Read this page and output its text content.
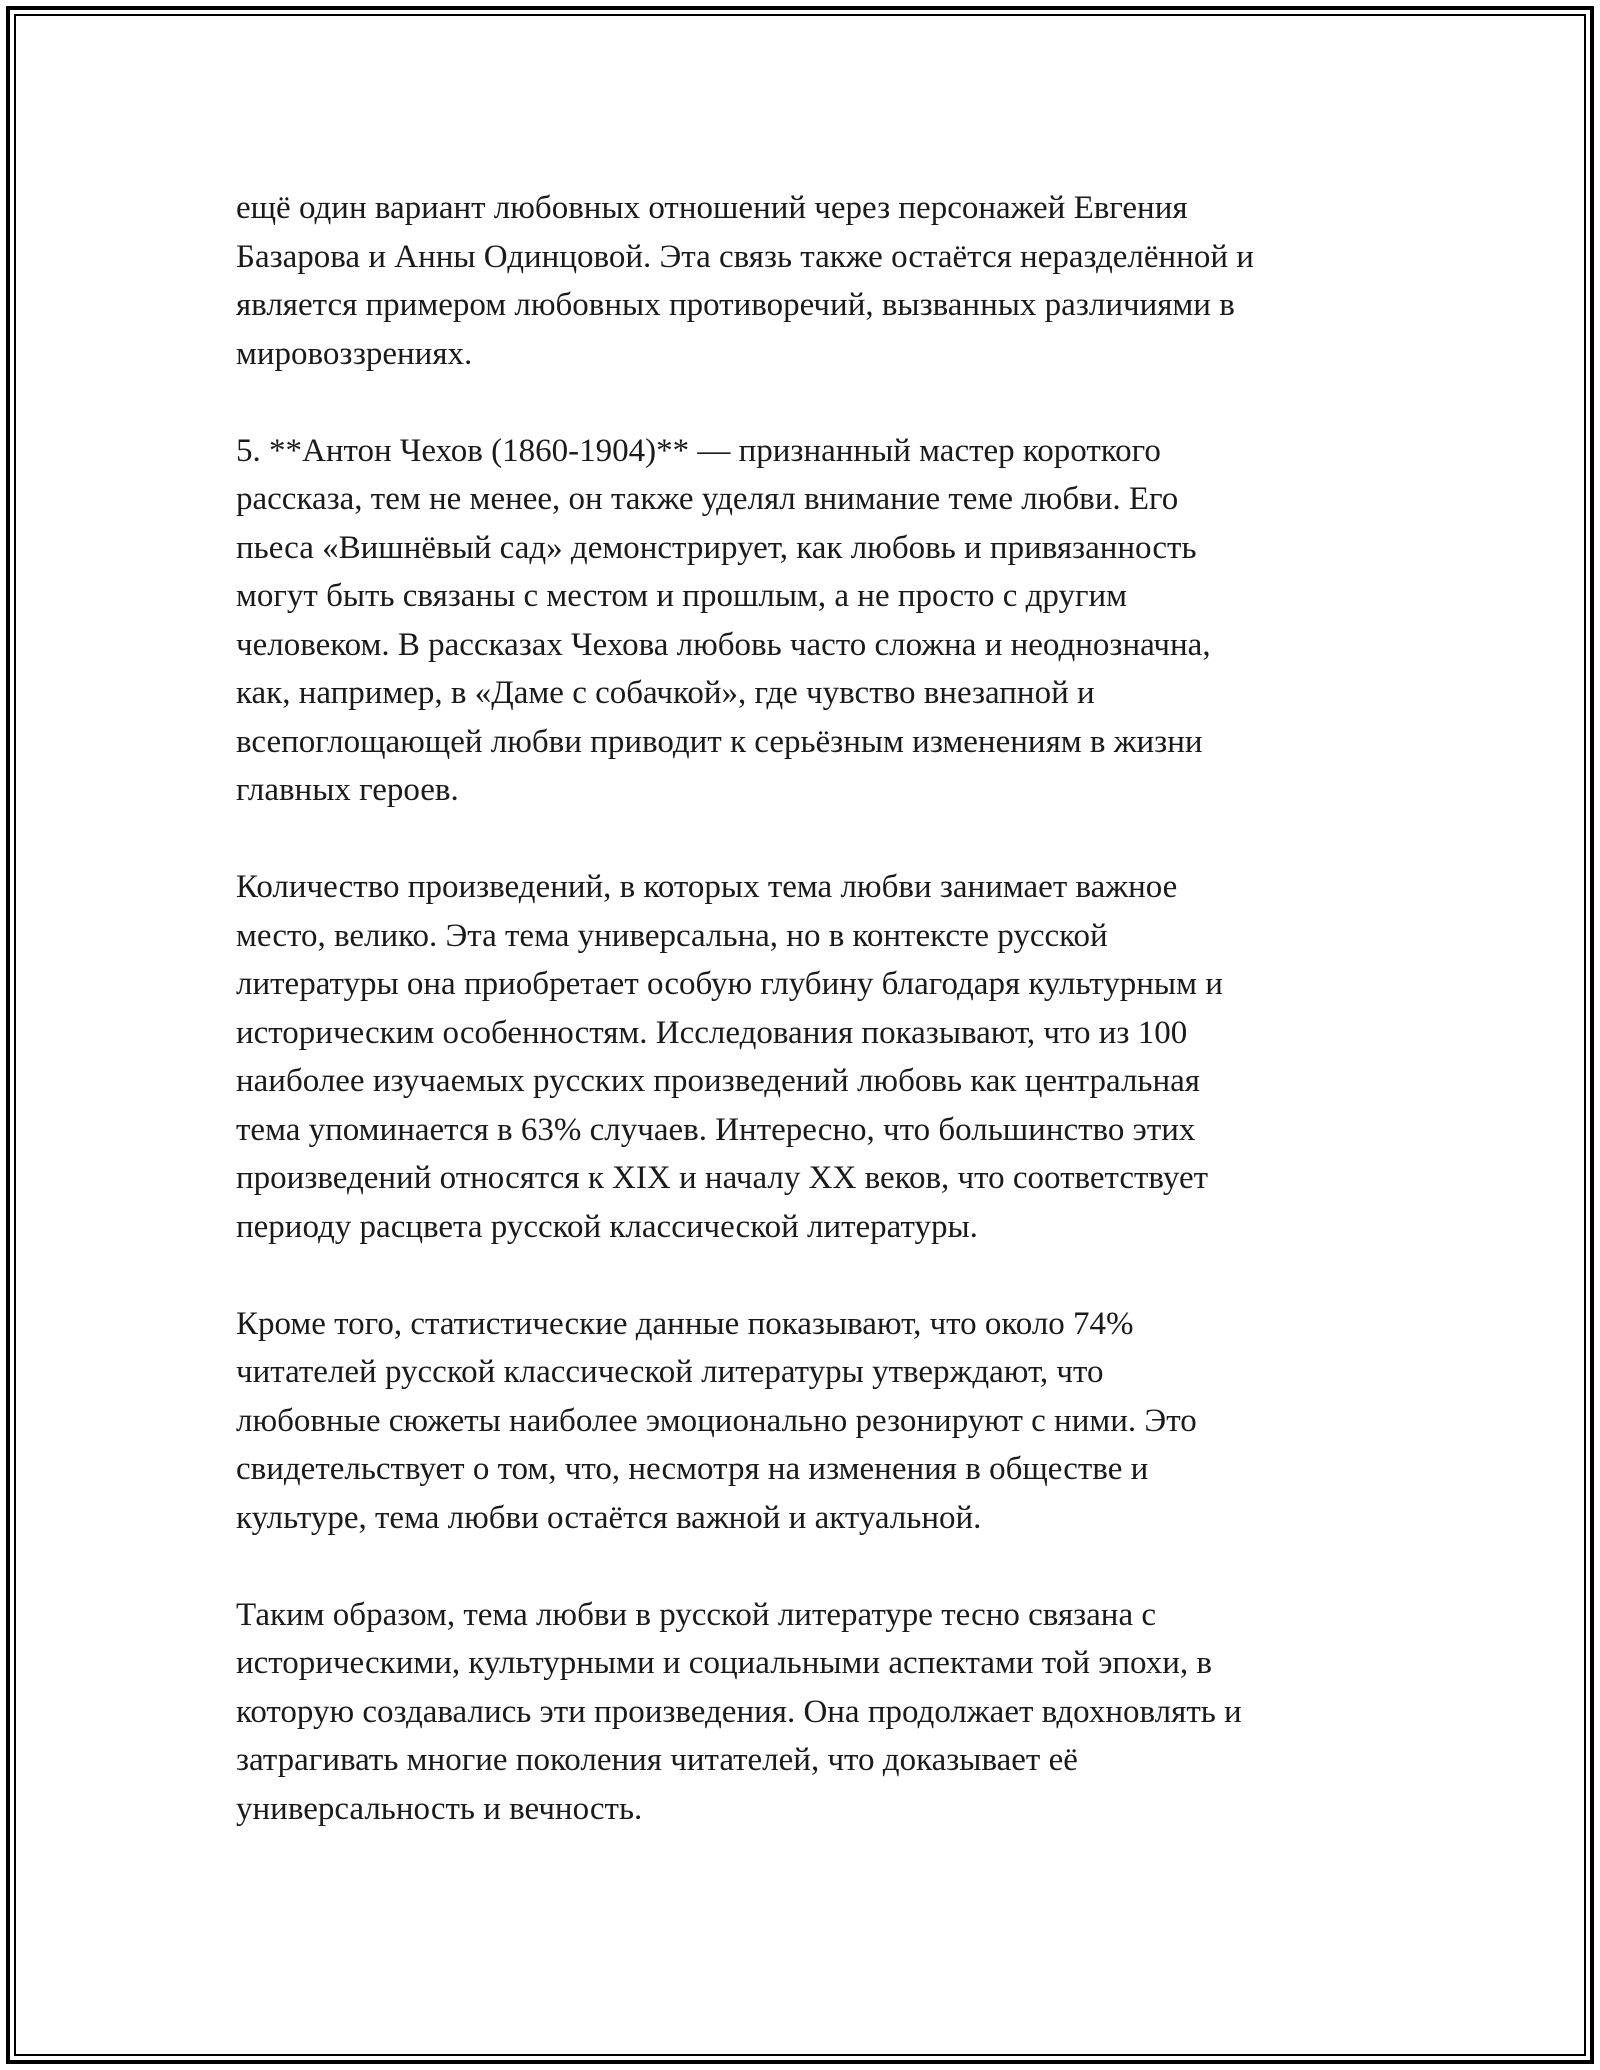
ещё один вариант любовных отношений через персонажей Евгения
Базарова и Анны Одинцовой. Эта связь также остаётся неразделённой и
является примером любовных противоречий, вызванных различиями в
мировоззрениях.

5. **Антон Чехов (1860-1904)** — признанный мастер короткого
рассказа, тем не менее, он также уделял внимание теме любви. Его
пьеса «Вишнёвый сад» демонстрирует, как любовь и привязанность
могут быть связаны с местом и прошлым, а не просто с другим
человеком. В рассказах Чехова любовь часто сложна и неоднозначна,
как, например, в «Даме с собачкой», где чувство внезапной и
всепоглощающей любви приводит к серьёзным изменениям в жизни
главных героев.

Количество произведений, в которых тема любви занимает важное
место, велико. Эта тема универсальна, но в контексте русской
литературы она приобретает особую глубину благодаря культурным и
историческим особенностям. Исследования показывают, что из 100
наиболее изучаемых русских произведений любовь как центральная
тема упоминается в 63% случаев. Интересно, что большинство этих
произведений относятся к XIX и началу XX веков, что соответствует
периоду расцвета русской классической литературы.

Кроме того, статистические данные показывают, что около 74%
читателей русской классической литературы утверждают, что
любовные сюжеты наиболее эмоционально резонируют с ними. Это
свидетельствует о том, что, несмотря на изменения в обществе и
культуре, тема любви остаётся важной и актуальной.

Таким образом, тема любви в русской литературе тесно связана с
историческими, культурными и социальными аспектами той эпохи, в
которую создавались эти произведения. Она продолжает вдохновлять и
затрагивать многие поколения читателей, что доказывает её
универсальность и вечность.
